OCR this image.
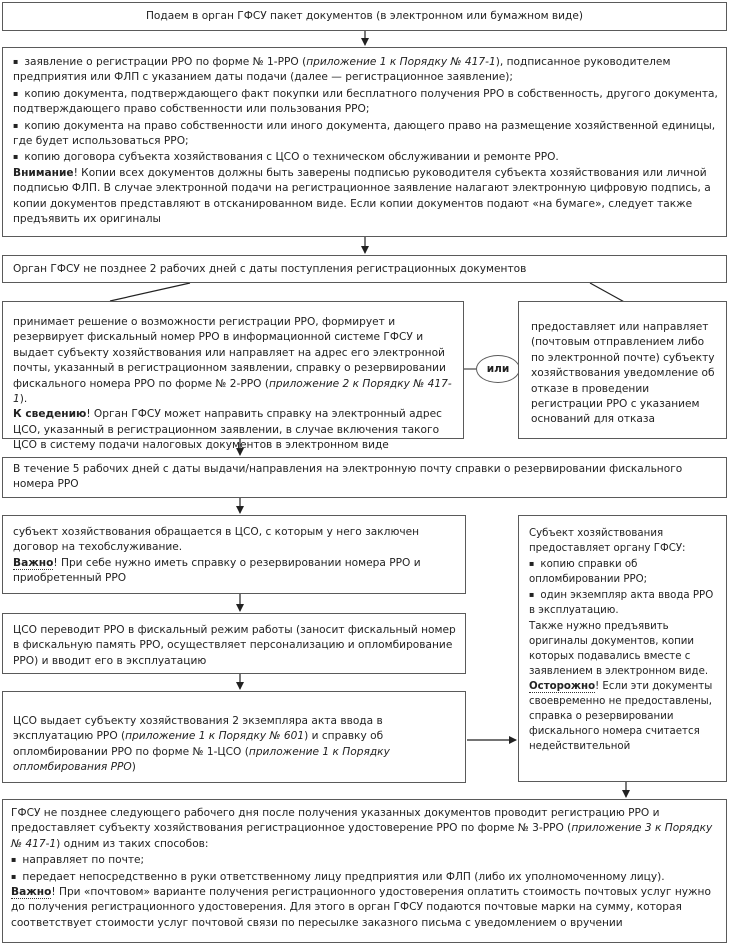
Подаем в орган ГФСУ пакет документов (в электронном или бумажном виде)

▪ заявление о регистрации РРО по форме № 1-РРО (приложение 1 к Порядку № 417-1), подписанное руководителем предприятия или ФЛП с указанием даты подачи (далее — регистрационное заявление);

▪ копию документа, подтверждающего факт покупки или бесплатного получения РРО в собственность, другого документа, подтверждающего право собственности или пользования РРО;

▪ копию документа на право собственности или иного документа, дающего право на размещение хозяйственной единицы, где будет использоваться РРО;

▪ копию договора субъекта хозяйствования с ЦСО о техническом обслуживании и ремонте РРО.

Внимание! Копии всех документов должны быть заверены подписью руководителя субъекта хозяйствования или личной подписью ФЛП. В случае электронной подачи на регистрационное заявление налагают электронную цифровую подпись, а копии документов представляют в отсканированном виде. Если копии документов подают «на бумаге», следует также предъявить их оригиналы

Орган ГФСУ не позднее 2 рабочих дней с даты поступления регистрационных документов

принимает решение о возможности регистрации РРО, формирует и резервирует фискальный номер РРО в информационной системе ГФСУ и выдает субъекту хозяйствования или направляет на адрес его электронной почты, указанный в регистрационном заявлении, справку о резервировании фискального номера РРО по форме № 2-РРО (приложение 2 к Порядку № 417-1).

К сведению! Орган ГФСУ может направить справку на электронный адрес ЦСО, указанный в регистрационном заявлении, в случае включения такого ЦСО в систему подачи налоговых документов в электронном виде

или
предоставляет или направляет (почтовым отправлением либо по электронной почте) субъекту хозяйствования уведомление об отказе в проведении регистрации РРО с указанием оснований для отказа
В течение 5 рабочих дней с даты выдачи/направления на электронную почту справки о резервировании фискального номера РРО

субъект хозяйствования обращается в ЦСО, с которым у него заключен договор на техобслуживание.

Важно! При себе нужно иметь справку о резервировании номера РРО и приобретенный РРО

ЦСО переводит РРО в фискальный режим работы (заносит фискальный номер в фискальную память РРО, осуществляет персонализацию и опломбирование РРО) и вводит его в эксплуатацию
ЦСО выдает субъекту хозяйствования 2 экземпляра акта ввода в эксплуатацию РРО (приложение 1 к Порядку № 601) и справку об опломбировании РРО по форме № 1-ЦСО (приложение 1 к Порядку опломбирования РРО)

Субъект хозяйствования предоставляет органу ГФСУ:

▪ копию справки об опломбировании РРО;

▪ один экземпляр акта ввода РРО в эксплуатацию.

Также нужно предъявить оригиналы документов, копии которых подавались вместе с заявлением в электронном виде.

Осторожно! Если эти документы своевременно не предоставлены, справка о резервировании фискального номера считается недействительной

ГФСУ не позднее следующего рабочего дня после получения указанных документов проводит регистрацию РРО и предоставляет субъекту хозяйствования регистрационное удостоверение РРО по форме № 3-РРО (приложение 3 к Порядку № 417-1) одним из таких способов:

▪ направляет по почте;

▪ передает непосредственно в руки ответственному лицу предприятия или ФЛП (либо их уполномоченному лицу).

Важно! При «почтовом» варианте получения регистрационного удостоверения оплатить стоимость почтовых услуг нужно до получения регистрационного удостоверения. Для этого в орган ГФСУ подаются почтовые марки на сумму, которая соответствует стоимости услуг почтовой связи по пересылке заказного письма с уведомлением о вручении
